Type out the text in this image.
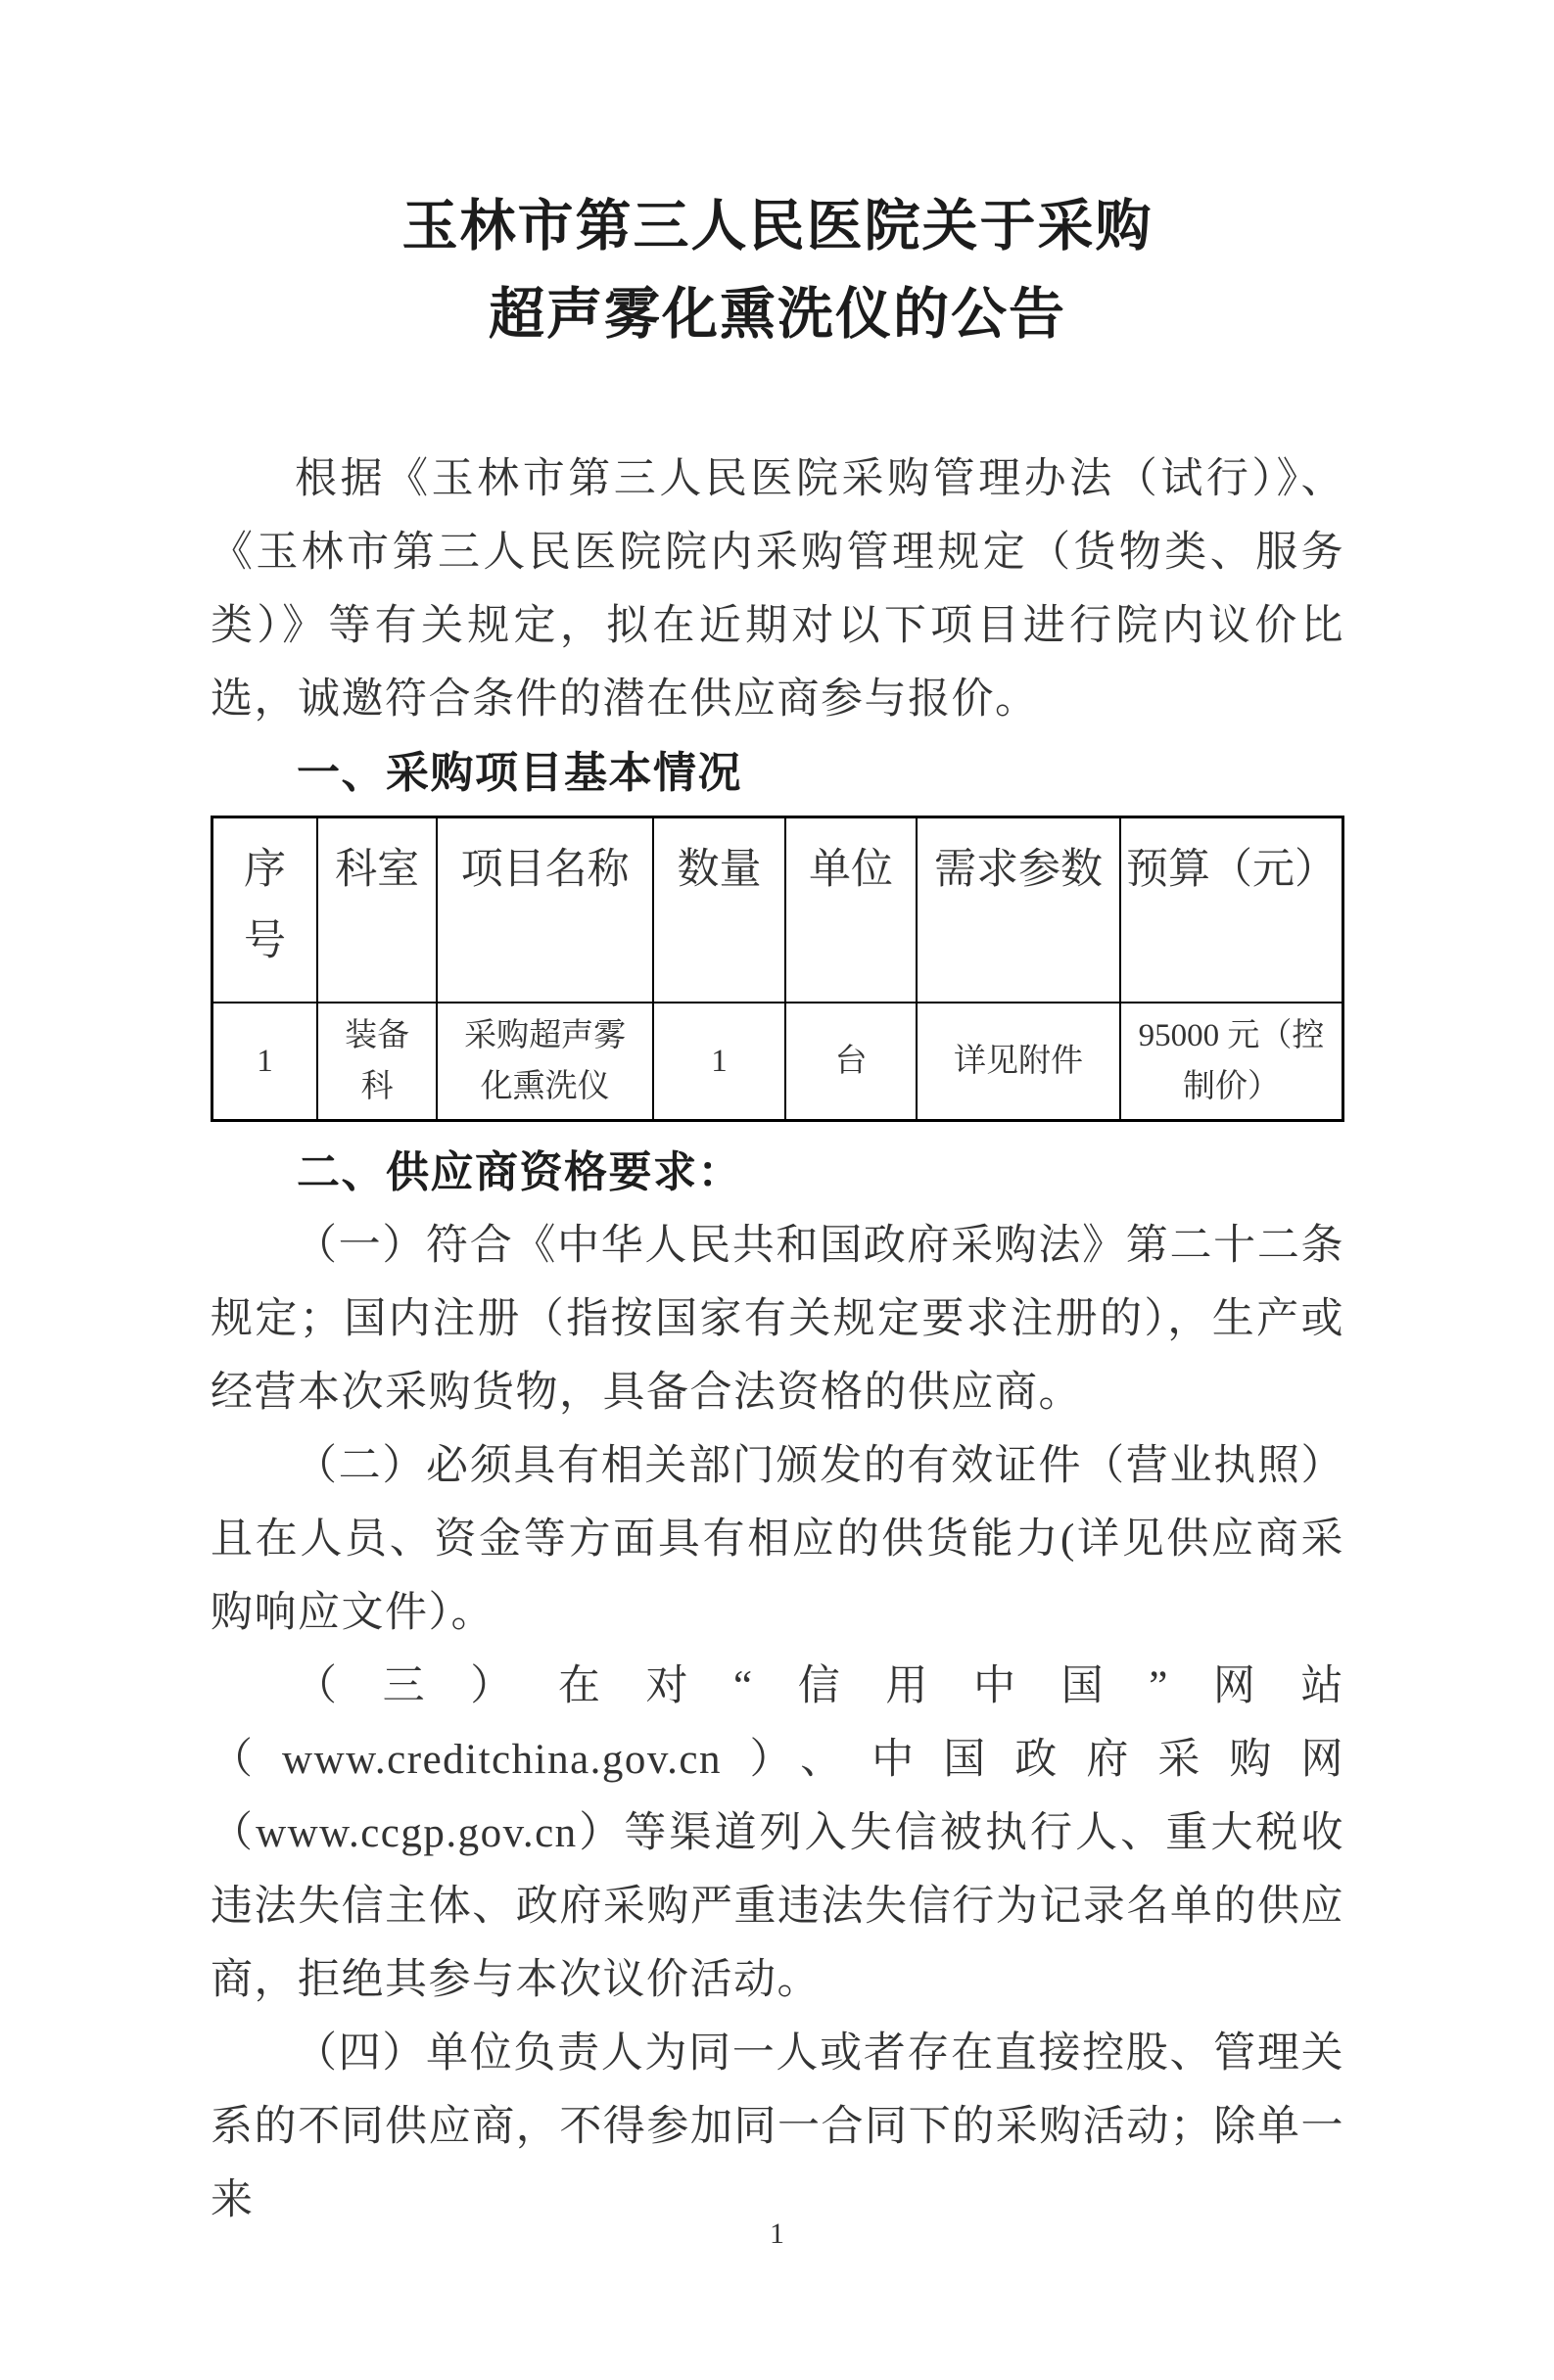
玉林市第三人民医院关于采购
超声雾化熏洗仪的公告

根据《玉林市第三人民医院采购管理办法（试行）》、《玉林市第三人民医院院内采购管理规定（货物类、服务类）》等有关规定，拟在近期对以下项目进行院内议价比选，诚邀符合条件的潜在供应商参与报价。

一、采购项目基本情况
序号	科室	项目名称	数量	单位	需求参数	预算（元）
1	装备科	采购超声雾化熏洗仪	1	台	详见附件	95000 元（控制价）
二、供应商资格要求：

（一）符合《中华人民共和国政府采购法》第二十二条规定；国内注册（指按国家有关规定要求注册的），生产或经营本次采购货物，具备合法资格的供应商。

（二）必须具有相关部门颁发的有效证件（营业执照）且在人员、资金等方面具有相应的供货能力(详见供应商采购响应文件）。

（三）在对“信用中国”网站（www.creditchina.gov.cn）、中国政府采购网（www.ccgp.gov.cn）等渠道列入失信被执行人、重大税收违法失信主体、政府采购严重违法失信行为记录名单的供应商，拒绝其参与本次议价活动。

（四）单位负责人为同一人或者存在直接控股、管理关系的不同供应商，不得参加同一合同下的采购活动；除单一来

1
